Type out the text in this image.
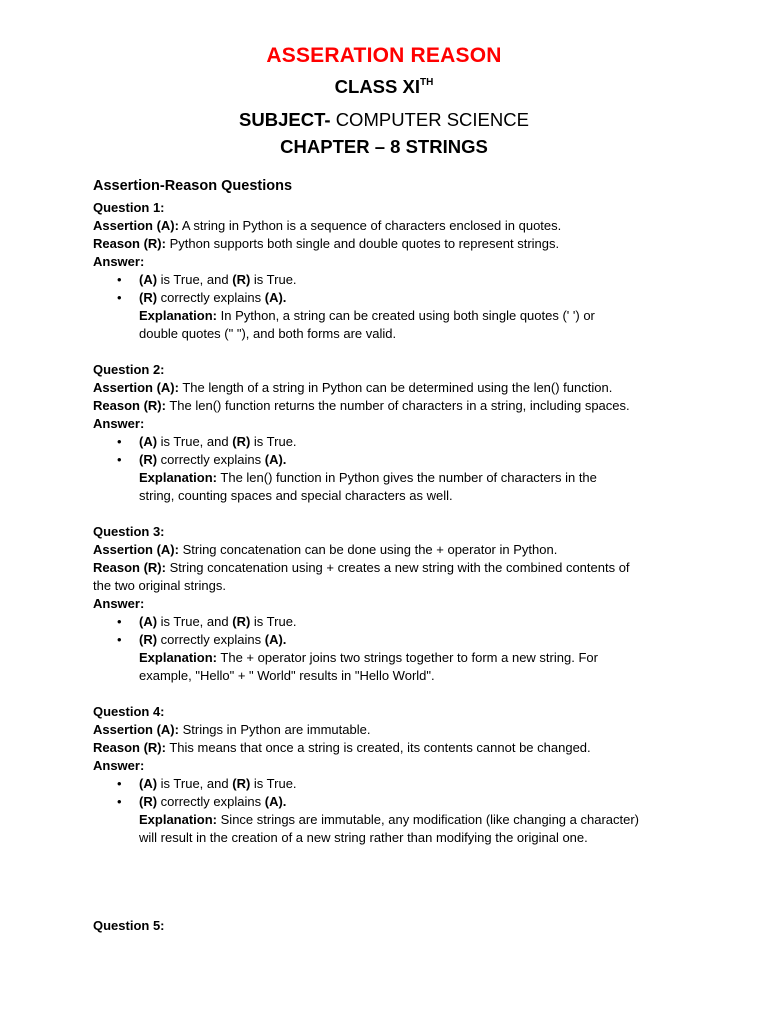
ASSERATION REASON
CLASS XITH
SUBJECT- COMPUTER SCIENCE
CHAPTER – 8 STRINGS
Assertion-Reason Questions

Question 1:

Assertion (A): A string in Python is a sequence of characters enclosed in quotes.

Reason (R): Python supports both single and double quotes to represent strings.

Answer:

• (A) is True, and (R) is True.
• (R) correctly explains (A).
Explanation: In Python, a string can be created using both single quotes (' ') or
double quotes (" "), and both forms are valid.

Question 2:

Assertion (A): The length of a string in Python can be determined using the len() function.

Reason (R): The len() function returns the number of characters in a string, including spaces.

Answer:

• (A) is True, and (R) is True.
• (R) correctly explains (A).
Explanation: The len() function in Python gives the number of characters in the
string, counting spaces and special characters as well.

Question 3:

Assertion (A): String concatenation can be done using the + operator in Python.

Reason (R): String concatenation using + creates a new string with the combined contents of
the two original strings.

Answer:

• (A) is True, and (R) is True.
• (R) correctly explains (A).
Explanation: The + operator joins two strings together to form a new string. For
example, "Hello" + " World" results in "Hello World".

Question 4:

Assertion (A): Strings in Python are immutable.

Reason (R): This means that once a string is created, its contents cannot be changed.

Answer:

• (A) is True, and (R) is True.
• (R) correctly explains (A).
Explanation: Since strings are immutable, any modification (like changing a character)
will result in the creation of a new string rather than modifying the original one.

Question 5:
